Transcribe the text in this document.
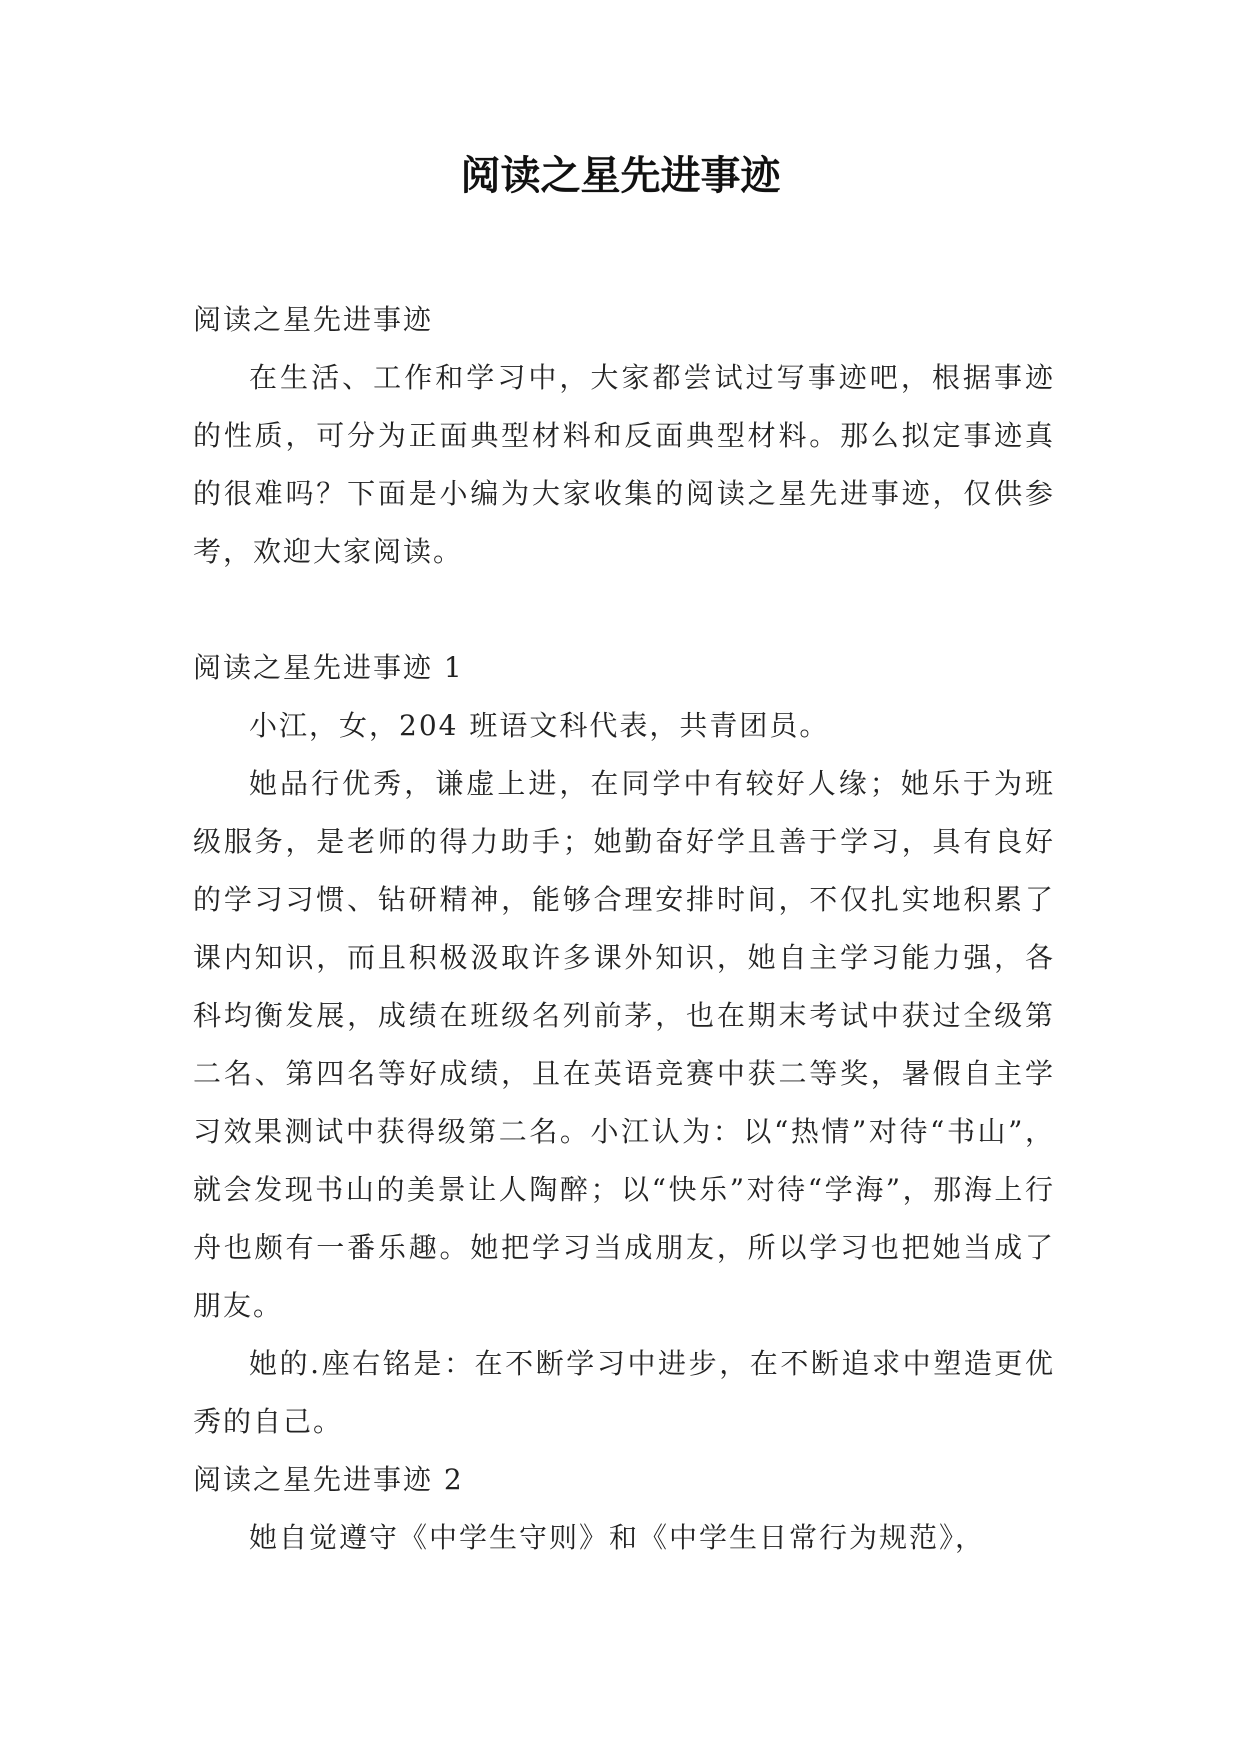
阅读之星先进事迹

阅读之星先进事迹

在生活、工作和学习中，大家都尝试过写事迹吧，根据事迹的性质，可分为正面典型材料和反面典型材料。那么拟定事迹真的很难吗？下面是小编为大家收集的阅读之星先进事迹，仅供参考，欢迎大家阅读。

阅读之星先进事迹 1

小江，女，204 班语文科代表，共青团员。

她品行优秀，谦虚上进，在同学中有较好人缘；她乐于为班级服务，是老师的得力助手；她勤奋好学且善于学习，具有良好的学习习惯、钻研精神，能够合理安排时间，不仅扎实地积累了课内知识，而且积极汲取许多课外知识，她自主学习能力强，各科均衡发展，成绩在班级名列前茅，也在期末考试中获过全级第二名、第四名等好成绩，且在英语竞赛中获二等奖，暑假自主学习效果测试中获得级第二名。小江认为：以“热情”对待“书山”，就会发现书山的美景让人陶醉；以“快乐”对待“学海”，那海上行舟也颇有一番乐趣。她把学习当成朋友，所以学习也把她当成了朋友。

她的.座右铭是：在不断学习中进步，在不断追求中塑造更优秀的自己。

阅读之星先进事迹 2

她自觉遵守《中学生守则》和《中学生日常行为规范》，
